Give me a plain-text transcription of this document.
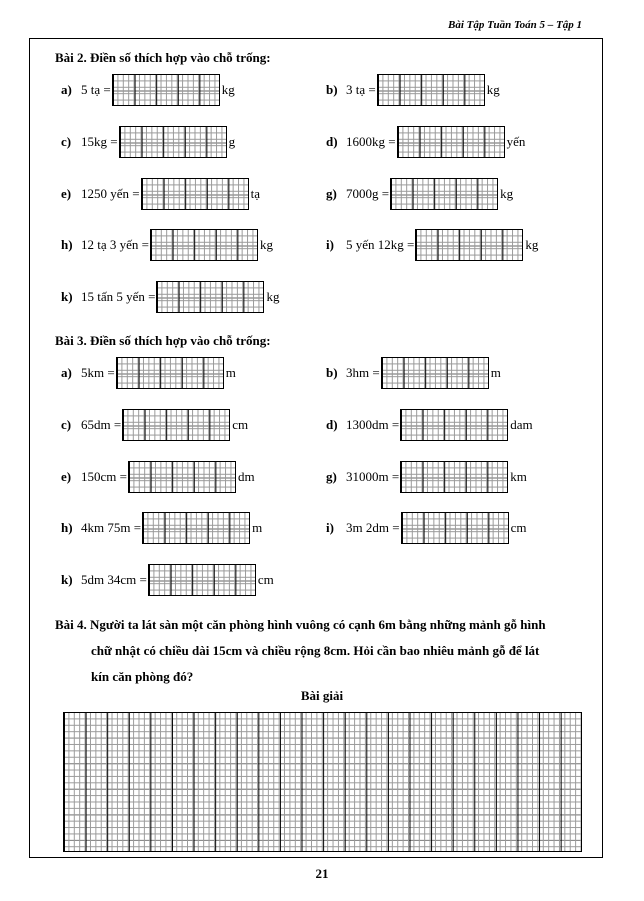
Bài Tập Tuần Toán 5 – Tập 1
Bài 2. Điền số thích hợp vào chỗ trống:
a) 5 tạ =	kg	b) 3 tạ =	kg
c) 15kg =	g	d) 1600kg =	yến
e) 1250 yến =	tạ	g) 7000g =	kg
h) 12 tạ 3 yến =	kg	i) 5 yến 12kg =	kg
k) 15 tấn 5 yến =	kg
Bài 3. Điền số thích hợp vào chỗ trống:
a) 5km =	m	b) 3hm =	m
c) 65dm =	cm	d) 1300dm =	dam
e) 150cm =	dm	g) 31000m =	km
h) 4km 75m =	m	i) 3m 2dm =	cm
k) 5dm 34cm =	cm
Bài 4. Người ta lát sàn một căn phòng hình vuông có cạnh 6m bằng những mảnh gỗ hình
chữ nhật có chiều dài 15cm và chiều rộng 8cm. Hỏi cần bao nhiêu mảnh gỗ để lát
kín căn phòng đó?
Bài giải
21
